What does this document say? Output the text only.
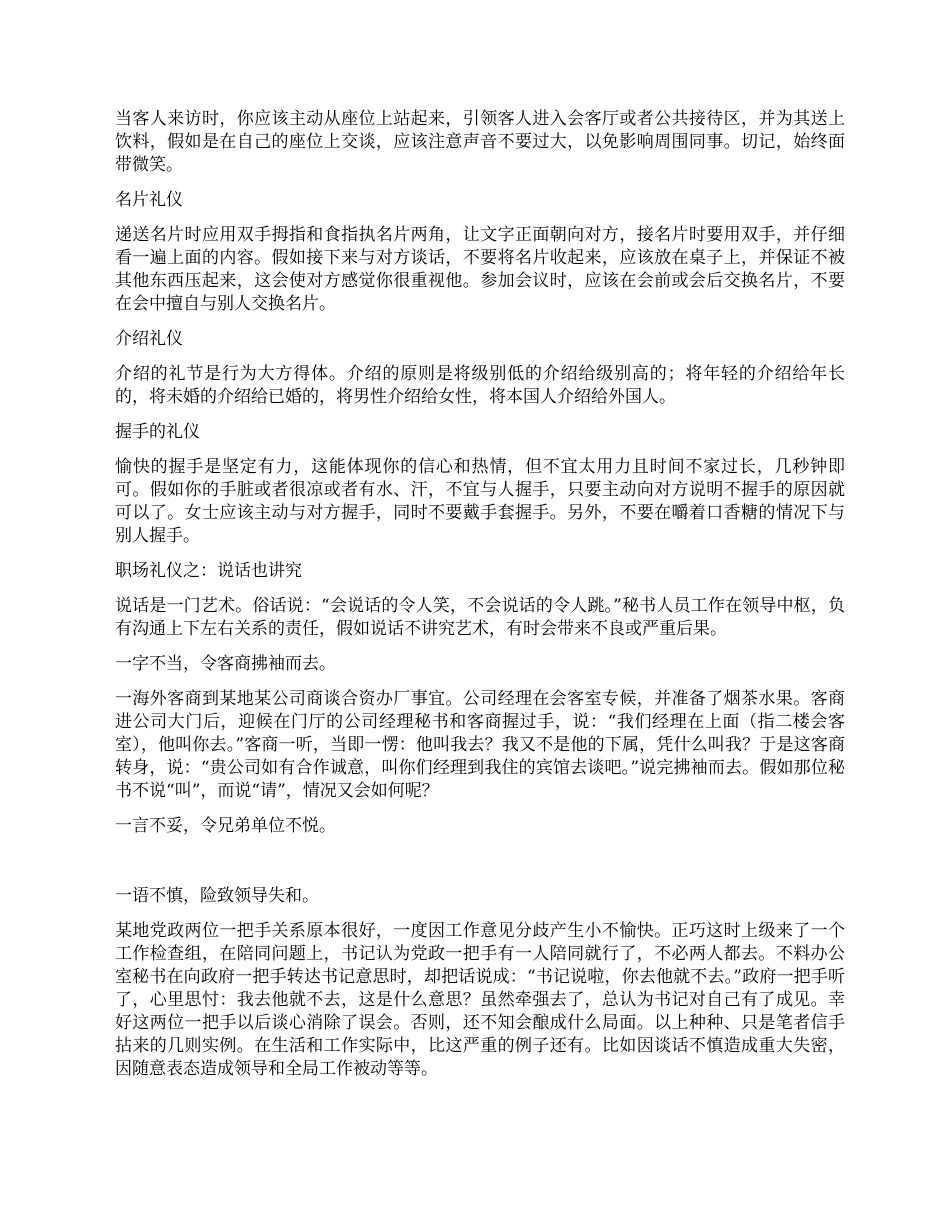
当客人来访时，你应该主动从座位上站起来，引领客人进入会客厅或者公共接待区，并为其送上饮料，假如是在自己的座位上交谈，应该注意声音不要过大，以免影响周围同事。切记，始终面带微笑。

名片礼仪

递送名片时应用双手拇指和食指执名片两角，让文字正面朝向对方，接名片时要用双手，并仔细看一遍上面的内容。假如接下来与对方谈话，不要将名片收起来，应该放在桌子上，并保证不被其他东西压起来，这会使对方感觉你很重视他。参加会议时，应该在会前或会后交换名片，不要在会中擅自与别人交换名片。

介绍礼仪

介绍的礼节是行为大方得体。介绍的原则是将级别低的介绍给级别高的；将年轻的介绍给年长的，将未婚的介绍给已婚的，将男性介绍给女性，将本国人介绍给外国人。

握手的礼仪

愉快的握手是坚定有力，这能体现你的信心和热情，但不宜太用力且时间不家过长，几秒钟即可。假如你的手脏或者很凉或者有水、汗，不宜与人握手，只要主动向对方说明不握手的原因就可以了。女士应该主动与对方握手，同时不要戴手套握手。另外，不要在嚼着口香糖的情况下与别人握手。

职场礼仪之：说话也讲究

说话是一门艺术。俗话说：“会说话的令人笑，不会说话的令人跳。”秘书人员工作在领导中枢，负有沟通上下左右关系的责任，假如说话不讲究艺术，有时会带来不良或严重后果。

一字不当，令客商拂袖而去。

一海外客商到某地某公司商谈合资办厂事宜。公司经理在会客室专候，并准备了烟茶水果。客商进公司大门后，迎候在门厅的公司经理秘书和客商握过手，说：“我们经理在上面（指二楼会客室），他叫你去。”客商一听，当即一愣：他叫我去？我又不是他的下属，凭什么叫我？于是这客商转身，说：“贵公司如有合作诚意，叫你们经理到我住的宾馆去谈吧。”说完拂袖而去。假如那位秘书不说“叫”，而说“请”，情况又会如何呢？

一言不妥，令兄弟单位不悦。

一语不慎，险致领导失和。

某地党政两位一把手关系原本很好，一度因工作意见分歧产生小不愉快。正巧这时上级来了一个工作检查组，在陪同问题上，书记认为党政一把手有一人陪同就行了，不必两人都去。不料办公室秘书在向政府一把手转达书记意思时，却把话说成：“书记说啦，你去他就不去。”政府一把手听了，心里思忖：我去他就不去，这是什么意思？虽然牵强去了，总认为书记对自己有了成见。幸好这两位一把手以后谈心消除了误会。否则，还不知会酿成什么局面。以上种种、只是笔者信手拈来的几则实例。在生活和工作实际中，比这严重的例子还有。比如因谈话不慎造成重大失密，因随意表态造成领导和全局工作被动等等。
